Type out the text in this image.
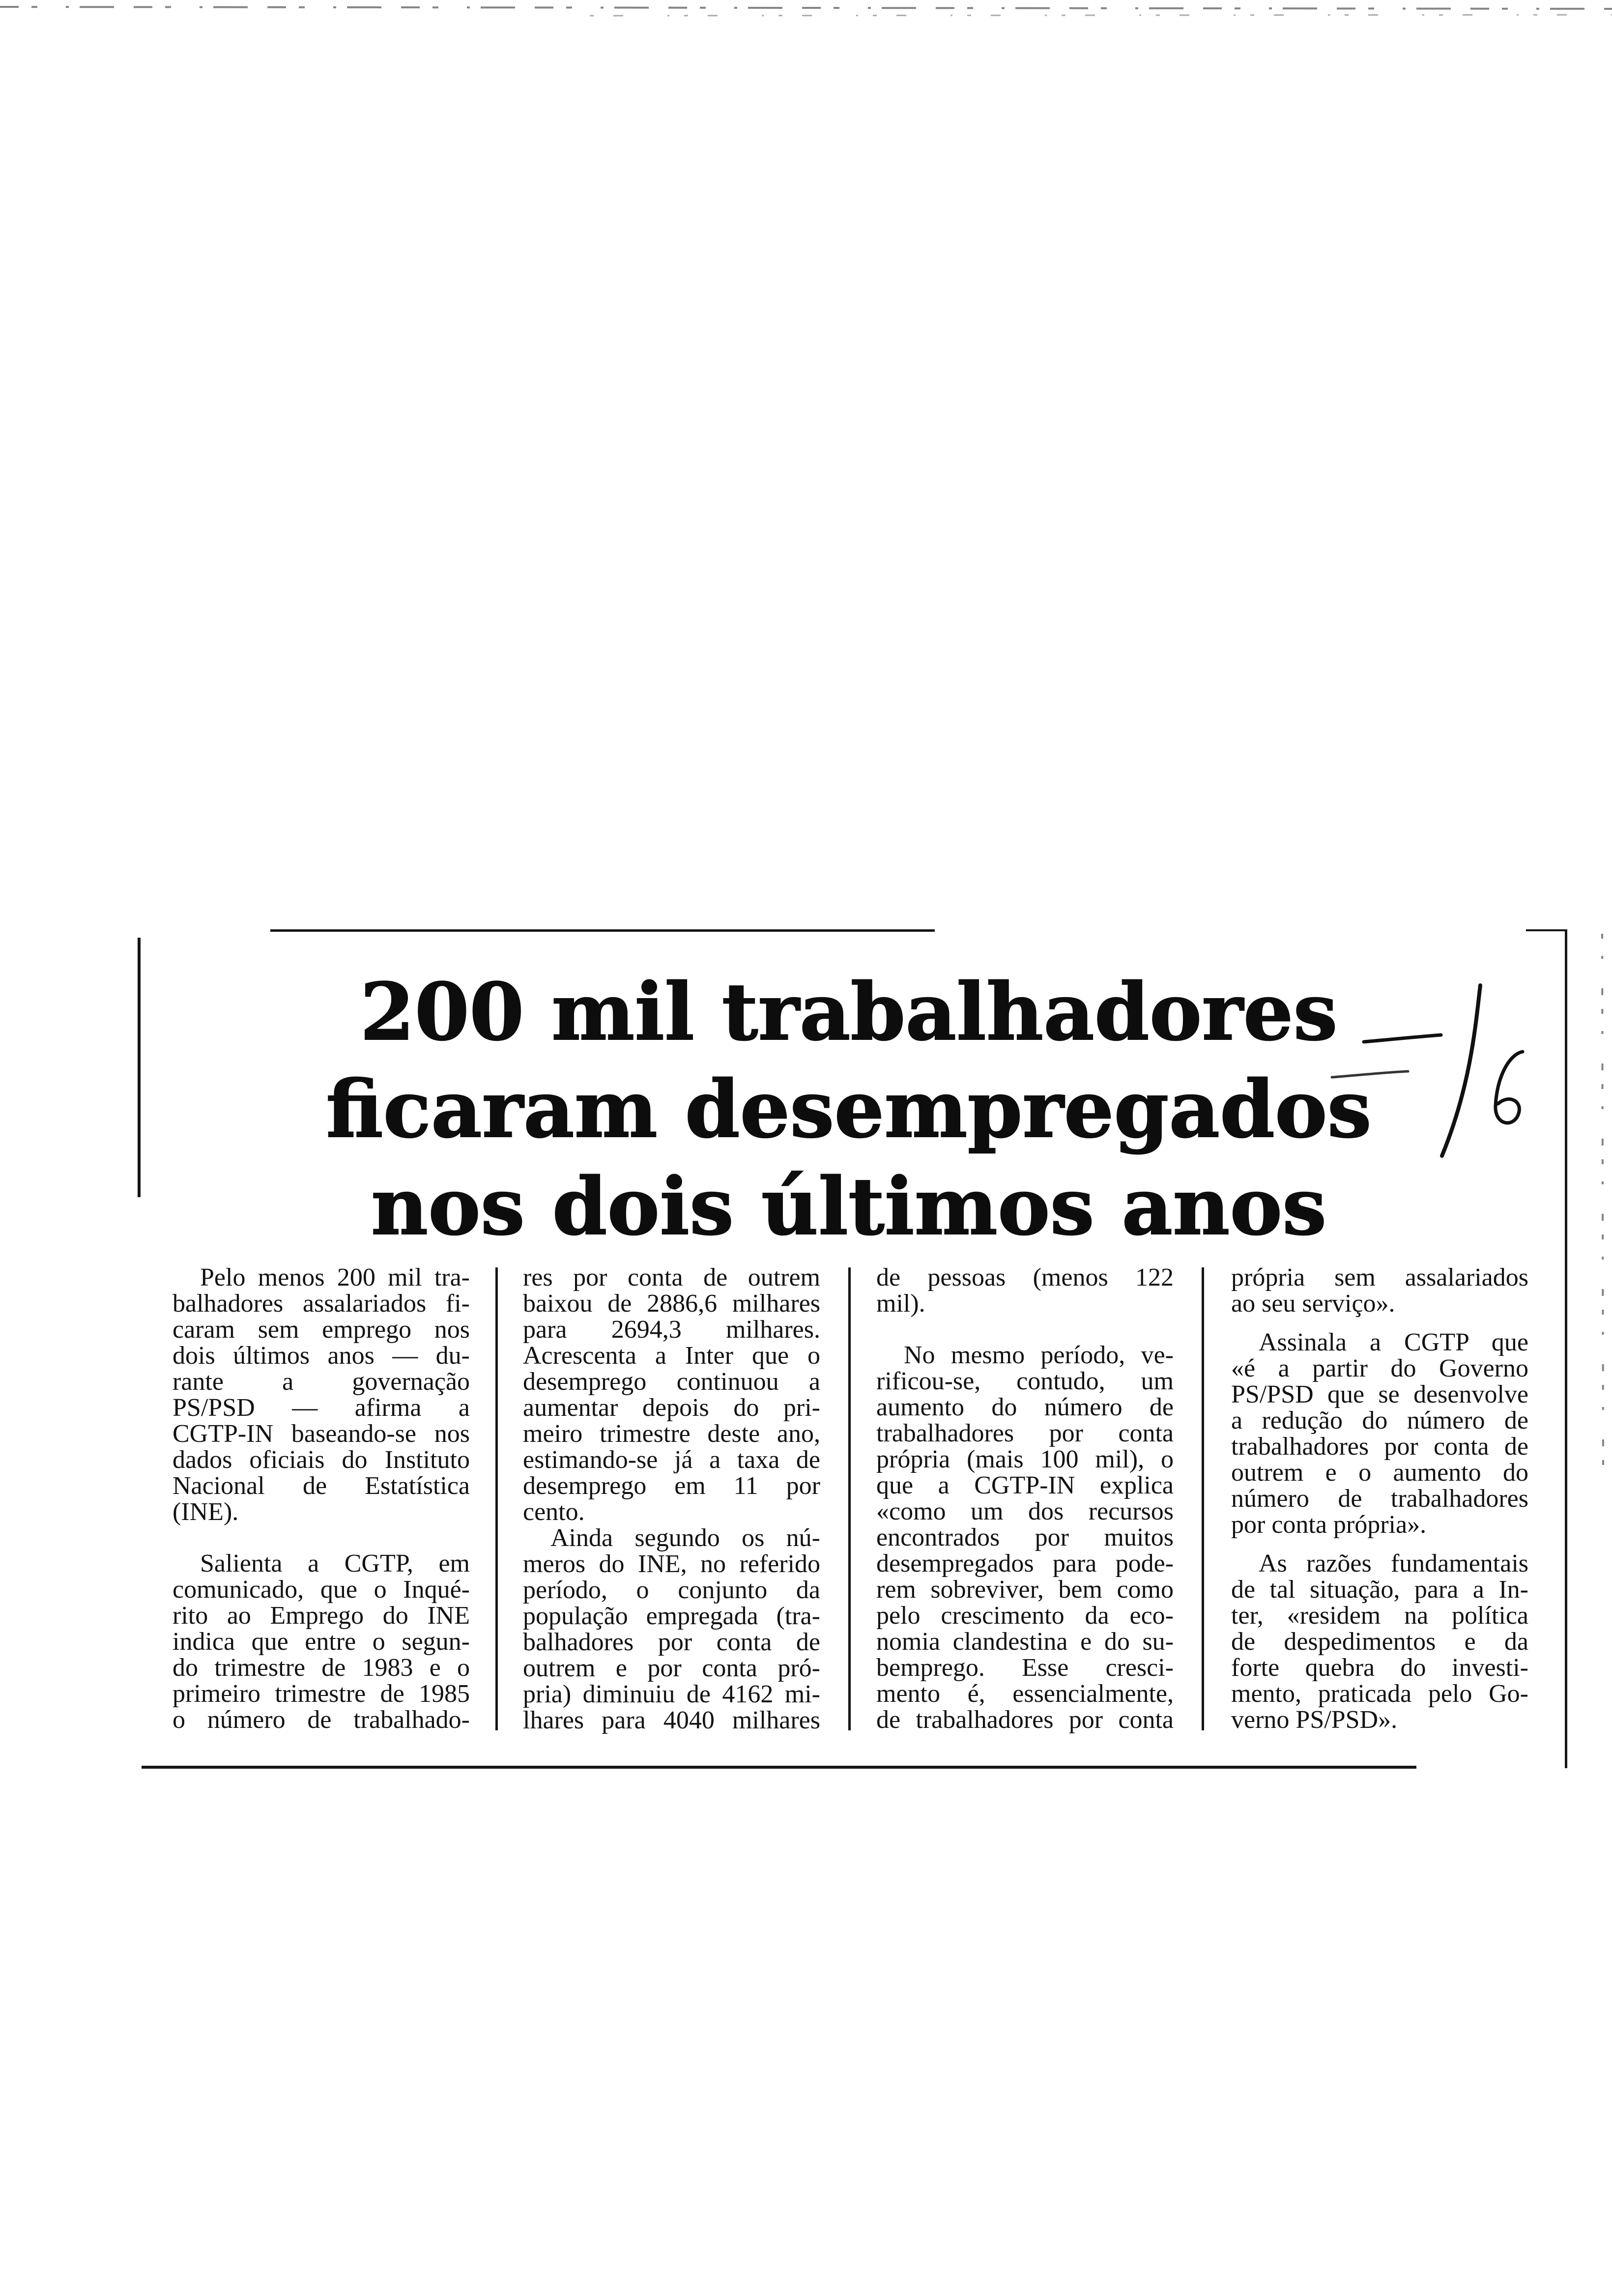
200 mil trabalhadores
ficaram desempregados
nos dois últimos anos
Pelo menos 200 mil tra-
balhadores assalariados fi-
caram sem emprego nos
dois últimos anos — du-
rante a governação
PS/PSD — afirma a
CGTP-IN baseando-se nos
dados oficiais do Instituto
Nacional de Estatística
(INE).
Salienta a CGTP, em
comunicado, que o Inqué-
rito ao Emprego do INE
indica que entre o segun-
do trimestre de 1983 e o
primeiro trimestre de 1985
o número de trabalhado-
res por conta de outrem
baixou de 2886,6 milhares
para 2694,3 milhares.
Acrescenta a Inter que o
desemprego continuou a
aumentar depois do pri-
meiro trimestre deste ano,
estimando-se já a taxa de
desemprego em 11 por
cento.
Ainda segundo os nú-
meros do INE, no referido
período, o conjunto da
população empregada (tra-
balhadores por conta de
outrem e por conta pró-
pria) diminuiu de 4162 mi-
lhares para 4040 milhares
de pessoas (menos 122
mil).
No mesmo período, ve-
rificou-se, contudo, um
aumento do número de
trabalhadores por conta
própria (mais 100 mil), o
que a CGTP-IN explica
«como um dos recursos
encontrados por muitos
desempregados para pode-
rem sobreviver, bem como
pelo crescimento da eco-
nomia clandestina e do su-
bemprego. Esse cresci-
mento é, essencialmente,
de trabalhadores por conta
própria sem assalariados
ao seu serviço».
Assinala a CGTP que
«é a partir do Governo
PS/PSD que se desenvolve
a redução do número de
trabalhadores por conta de
outrem e o aumento do
número de trabalhadores
por conta própria».
As razões fundamentais
de tal situação, para a In-
ter, «residem na política
de despedimentos e da
forte quebra do investi-
mento, praticada pelo Go-
verno PS/PSD».
